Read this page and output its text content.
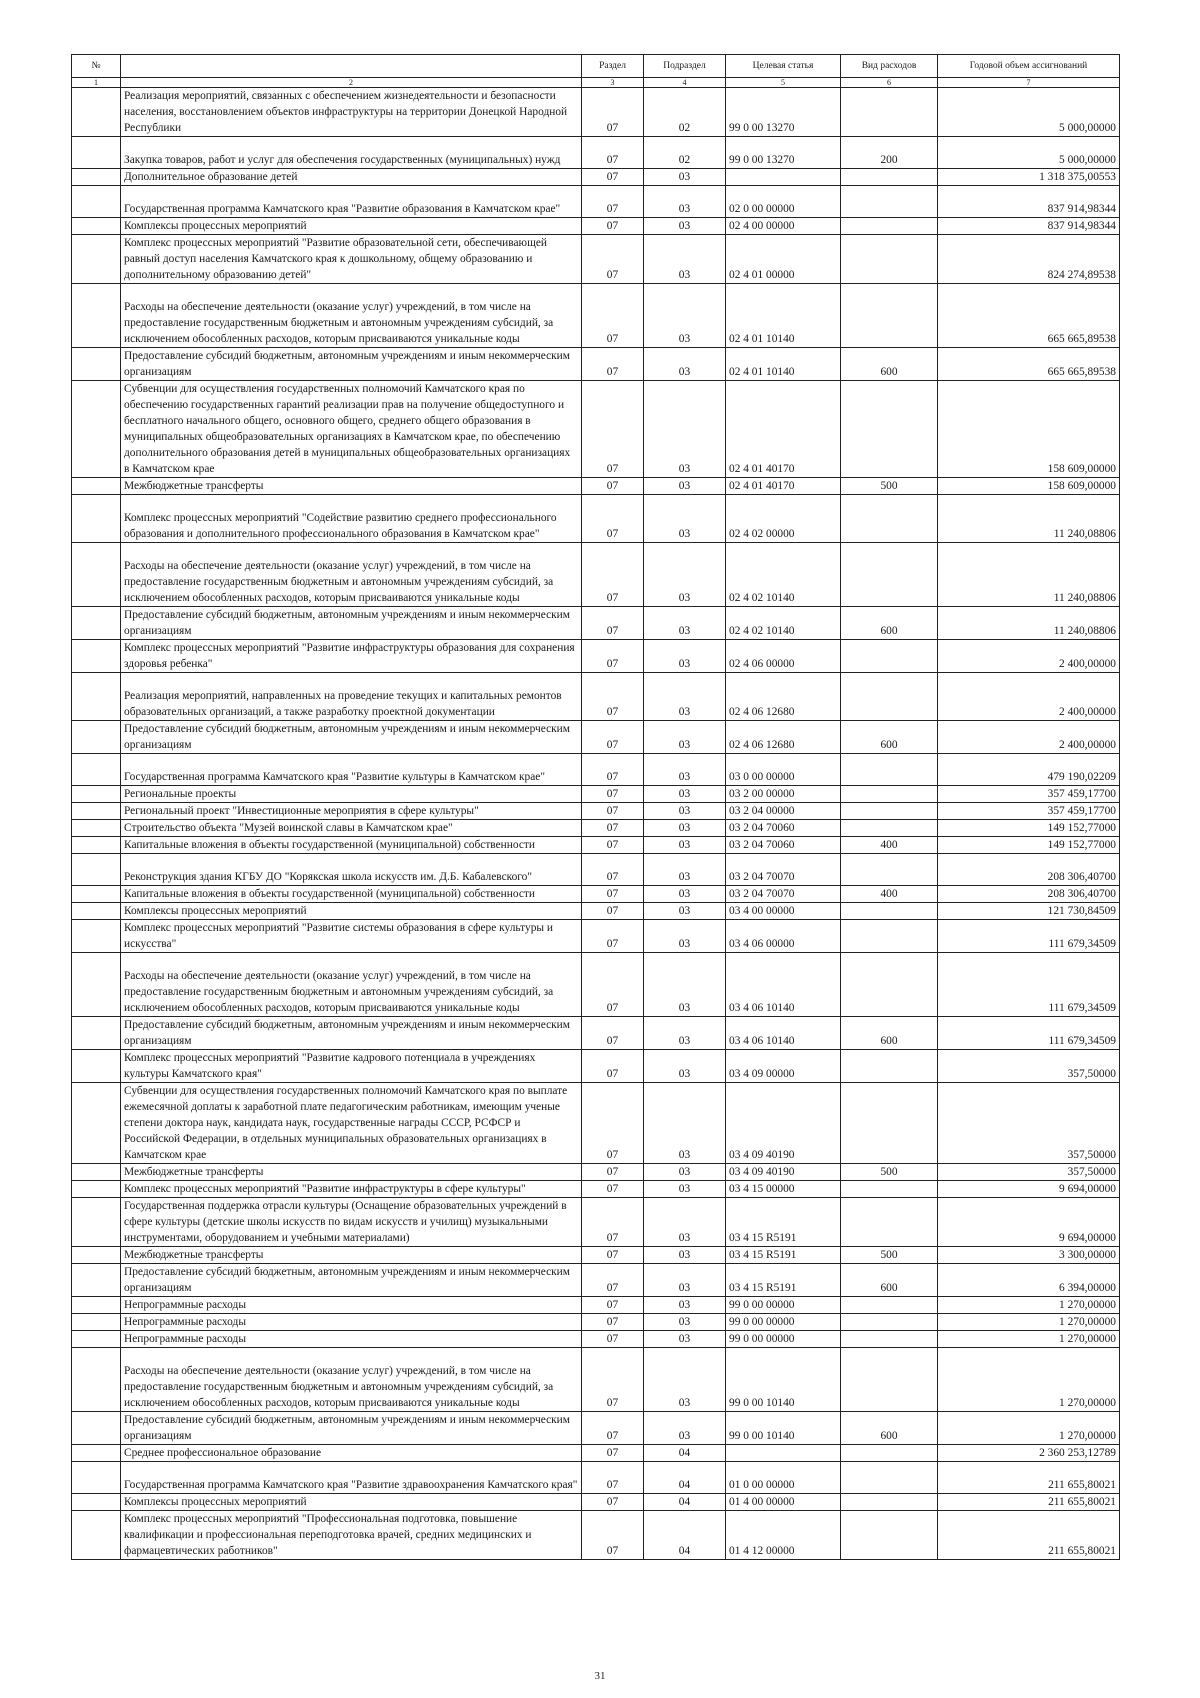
№		Раздел	Подраздел	Целевая статья	Вид расходов	Годовой объем ассигнований
1	2	3	4	5	6	7
	Реализация мероприятий, связанных с обеспечением жизнедеятельности и безопасности населения, восстановлением объектов инфраструктуры на территории Донецкой Народной Республики	07	02	99 0 00 13270		5 000,00000
	Закупка товаров, работ и услуг для обеспечения государственных (муниципальных) нужд	07	02	99 0 00 13270	200	5 000,00000
	Дополнительное образование детей	07	03			1 318 375,00553
	Государственная программа Камчатского края "Развитие образования в Камчатском крае"	07	03	02 0 00 00000		837 914,98344
	Комплексы процессных мероприятий	07	03	02 4 00 00000		837 914,98344
	Комплекс процессных мероприятий "Развитие образовательной сети, обеспечивающей равный доступ населения Камчатского края к дошкольному, общему образованию и дополнительному образованию детей"	07	03	02 4 01 00000		824 274,89538
	Расходы на обеспечение деятельности (оказание услуг) учреждений, в том числе на предоставление государственным бюджетным и автономным учреждениям субсидий, за исключением обособленных расходов, которым присваиваются уникальные коды	07	03	02 4 01 10140		665 665,89538
	Предоставление субсидий бюджетным, автономным учреждениям и иным некоммерческим организациям	07	03	02 4 01 10140	600	665 665,89538
	Субвенции для осуществления государственных полномочий Камчатского края по обеспечению государственных гарантий реализации прав на получение общедоступного и бесплатного начального общего, основного общего, среднего общего образования в муниципальных общеобразовательных организациях в Камчатском крае, по обеспечению дополнительного образования детей в муниципальных общеобразовательных организациях в Камчатском крае	07	03	02 4 01 40170		158 609,00000
	Межбюджетные трансферты	07	03	02 4 01 40170	500	158 609,00000
	Комплекс процессных мероприятий "Содействие развитию среднего профессионального образования и дополнительного профессионального образования в Камчатском крае"	07	03	02 4 02 00000		11 240,08806
	Расходы на обеспечение деятельности (оказание услуг) учреждений, в том числе на предоставление государственным бюджетным и автономным учреждениям субсидий, за исключением обособленных расходов, которым присваиваются уникальные коды	07	03	02 4 02 10140		11 240,08806
	Предоставление субсидий бюджетным, автономным учреждениям и иным некоммерческим организациям	07	03	02 4 02 10140	600	11 240,08806
	Комплекс процессных мероприятий "Развитие инфраструктуры образования для сохранения здоровья ребенка"	07	03	02 4 06 00000		2 400,00000
	Реализация мероприятий, направленных на проведение текущих и капитальных ремонтов образовательных организаций, а также разработку проектной документации	07	03	02 4 06 12680		2 400,00000
	Предоставление субсидий бюджетным, автономным учреждениям и иным некоммерческим организациям	07	03	02 4 06 12680	600	2 400,00000
	Государственная программа Камчатского края "Развитие культуры в Камчатском крае"	07	03	03 0 00 00000		479 190,02209
	Региональные проекты	07	03	03 2 00 00000		357 459,17700
	Региональный проект "Инвестиционные мероприятия в сфере культуры"	07	03	03 2 04 00000		357 459,17700
	Строительство объекта "Музей воинской славы в Камчатском крае"	07	03	03 2 04 70060		149 152,77000
	Капитальные вложения в объекты государственной (муниципальной) собственности	07	03	03 2 04 70060	400	149 152,77000
	Реконструкция здания КГБУ ДО "Корякская школа искусств им. Д.Б. Кабалевского"	07	03	03 2 04 70070		208 306,40700
	Капитальные вложения в объекты государственной (муниципальной) собственности	07	03	03 2 04 70070	400	208 306,40700
	Комплексы процессных мероприятий	07	03	03 4 00 00000		121 730,84509
	Комплекс процессных мероприятий "Развитие системы образования в сфере культуры и искусства"	07	03	03 4 06 00000		111 679,34509
	Расходы на обеспечение деятельности (оказание услуг) учреждений, в том числе на предоставление государственным бюджетным и автономным учреждениям субсидий, за исключением обособленных расходов, которым присваиваются уникальные коды	07	03	03 4 06 10140		111 679,34509
	Предоставление субсидий бюджетным, автономным учреждениям и иным некоммерческим организациям	07	03	03 4 06 10140	600	111 679,34509
	Комплекс процессных мероприятий "Развитие кадрового потенциала в учреждениях культуры Камчатского края"	07	03	03 4 09 00000		357,50000
	Субвенции для осуществления государственных полномочий Камчатского края по выплате ежемесячной доплаты к заработной плате педагогическим работникам, имеющим ученые степени доктора наук, кандидата наук, государственные награды СССР, РСФСР и Российской Федерации, в отдельных муниципальных образовательных организациях в Камчатском крае	07	03	03 4 09 40190		357,50000
	Межбюджетные трансферты	07	03	03 4 09 40190	500	357,50000
	Комплекс процессных мероприятий "Развитие инфраструктуры в сфере культуры"	07	03	03 4 15 00000		9 694,00000
	Государственная поддержка отрасли культуры (Оснащение образовательных учреждений в сфере культуры (детские школы искусств по видам искусств и училищ) музыкальными инструментами, оборудованием и учебными материалами)	07	03	03 4 15 R5191		9 694,00000
	Межбюджетные трансферты	07	03	03 4 15 R5191	500	3 300,00000
	Предоставление субсидий бюджетным, автономным учреждениям и иным некоммерческим организациям	07	03	03 4 15 R5191	600	6 394,00000
	Непрограммные расходы	07	03	99 0 00 00000		1 270,00000
	Непрограммные расходы	07	03	99 0 00 00000		1 270,00000
	Непрограммные расходы	07	03	99 0 00 00000		1 270,00000
	Расходы на обеспечение деятельности (оказание услуг) учреждений, в том числе на предоставление государственным бюджетным и автономным учреждениям субсидий, за исключением обособленных расходов, которым присваиваются уникальные коды	07	03	99 0 00 10140		1 270,00000
	Предоставление субсидий бюджетным, автономным учреждениям и иным некоммерческим организациям	07	03	99 0 00 10140	600	1 270,00000
	Среднее профессиональное образование	07	04			2 360 253,12789
	Государственная программа Камчатского края "Развитие здравоохранения Камчатского края"	07	04	01 0 00 00000		211 655,80021
	Комплексы процессных мероприятий	07	04	01 4 00 00000		211 655,80021
	Комплекс процессных мероприятий "Профессиональная подготовка, повышение квалификации и профессиональная переподготовка врачей, средних медицинских и фармацевтических работников"	07	04	01 4 12 00000		211 655,80021
31
